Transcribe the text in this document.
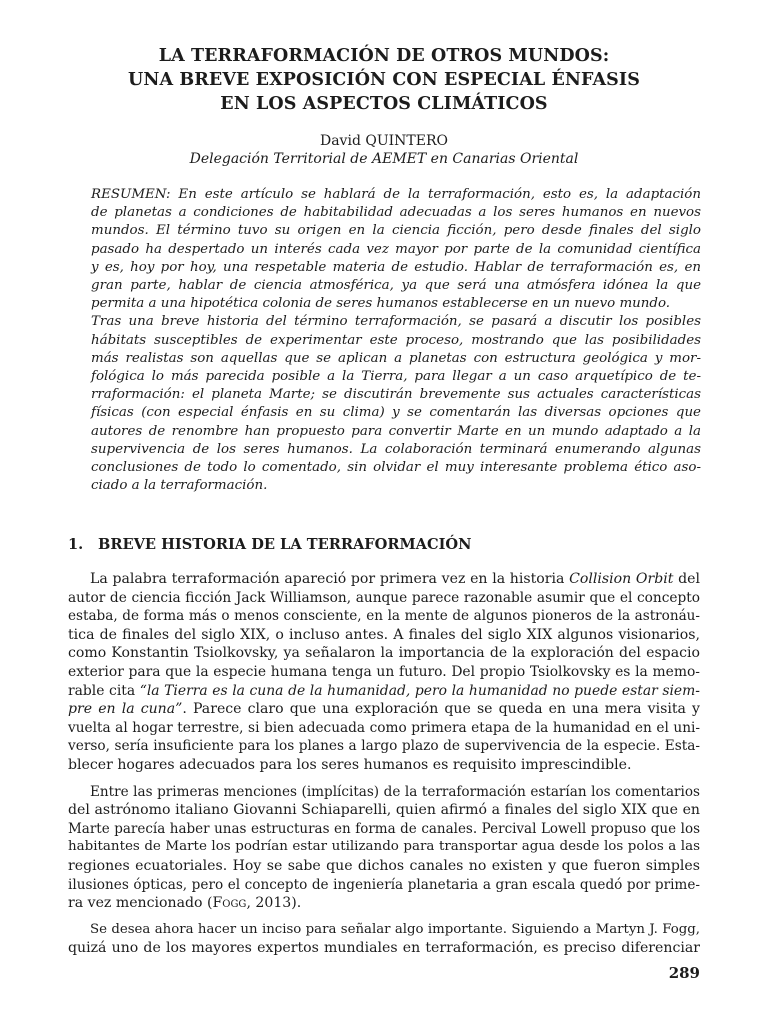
LA TERRAFORMACIÓN DE OTROS MUNDOS:
UNA BREVE EXPOSICIÓN CON ESPECIAL ÉNFASIS
EN LOS ASPECTOS CLIMÁTICOS

David QUINTERO

Delegación Territorial de AEMET en Canarias Oriental

RESUMEN: En este artículo se hablará de la terraformación, esto es, la adaptación
de planetas a condiciones de habitabilidad adecuadas a los seres humanos en nuevos
mundos. El término tuvo su origen en la ciencia ficción, pero desde finales del siglo
pasado ha despertado un interés cada vez mayor por parte de la comunidad científica
y es, hoy por hoy, una respetable materia de estudio. Hablar de terraformación es, en
gran parte, hablar de ciencia atmosférica, ya que será una atmósfera idónea la que
permita a una hipotética colonia de seres humanos establecerse en un nuevo mundo.
Tras una breve historia del término terraformación, se pasará a discutir los posibles
hábitats susceptibles de experimentar este proceso, mostrando que las posibilidades
más realistas son aquellas que se aplican a planetas con estructura geológica y mor-
fológica lo más parecida posible a la Tierra, para llegar a un caso arquetípico de te-
rraformación: el planeta Marte; se discutirán brevemente sus actuales características
físicas (con especial énfasis en su clima) y se comentarán las diversas opciones que
autores de renombre han propuesto para convertir Marte en un mundo adaptado a la
supervivencia de los seres humanos. La colaboración terminará enumerando algunas
conclusiones de todo lo comentado, sin olvidar el muy interesante problema ético aso-
ciado a la terraformación.
1. BREVE HISTORIA DE LA TERRAFORMACIÓN

La palabra terraformación apareció por primera vez en la historia Collision Orbit del
autor de ciencia ficción Jack Williamson, aunque parece razonable asumir que el concepto
estaba, de forma más o menos consciente, en la mente de algunos pioneros de la astronáu-
tica de finales del siglo XIX, o incluso antes. A finales del siglo XIX algunos visionarios,
como Konstantin Tsiolkovsky, ya señalaron la importancia de la exploración del espacio
exterior para que la especie humana tenga un futuro. Del propio Tsiolkovsky es la memo-
rable cita “la Tierra es la cuna de la humanidad, pero la humanidad no puede estar siem-
pre en la cuna”. Parece claro que una exploración que se queda en una mera visita y
vuelta al hogar terrestre, si bien adecuada como primera etapa de la humanidad en el uni-
verso, sería insuficiente para los planes a largo plazo de supervivencia de la especie. Esta-
blecer hogares adecuados para los seres humanos es requisito imprescindible.

Entre las primeras menciones (implícitas) de la terraformación estarían los comentarios
del astrónomo italiano Giovanni Schiaparelli, quien afirmó a finales del siglo XIX que en
Marte parecía haber unas estructuras en forma de canales. Percival Lowell propuso que los
habitantes de Marte los podrían estar utilizando para transportar agua desde los polos a las
regiones ecuatoriales. Hoy se sabe que dichos canales no existen y que fueron simples
ilusiones ópticas, pero el concepto de ingeniería planetaria a gran escala quedó por prime-
ra vez mencionado (Fogg, 2013).

Se desea ahora hacer un inciso para señalar algo importante. Siguiendo a Martyn J. Fogg,
quizá uno de los mayores expertos mundiales en terraformación, es preciso diferenciar

289
